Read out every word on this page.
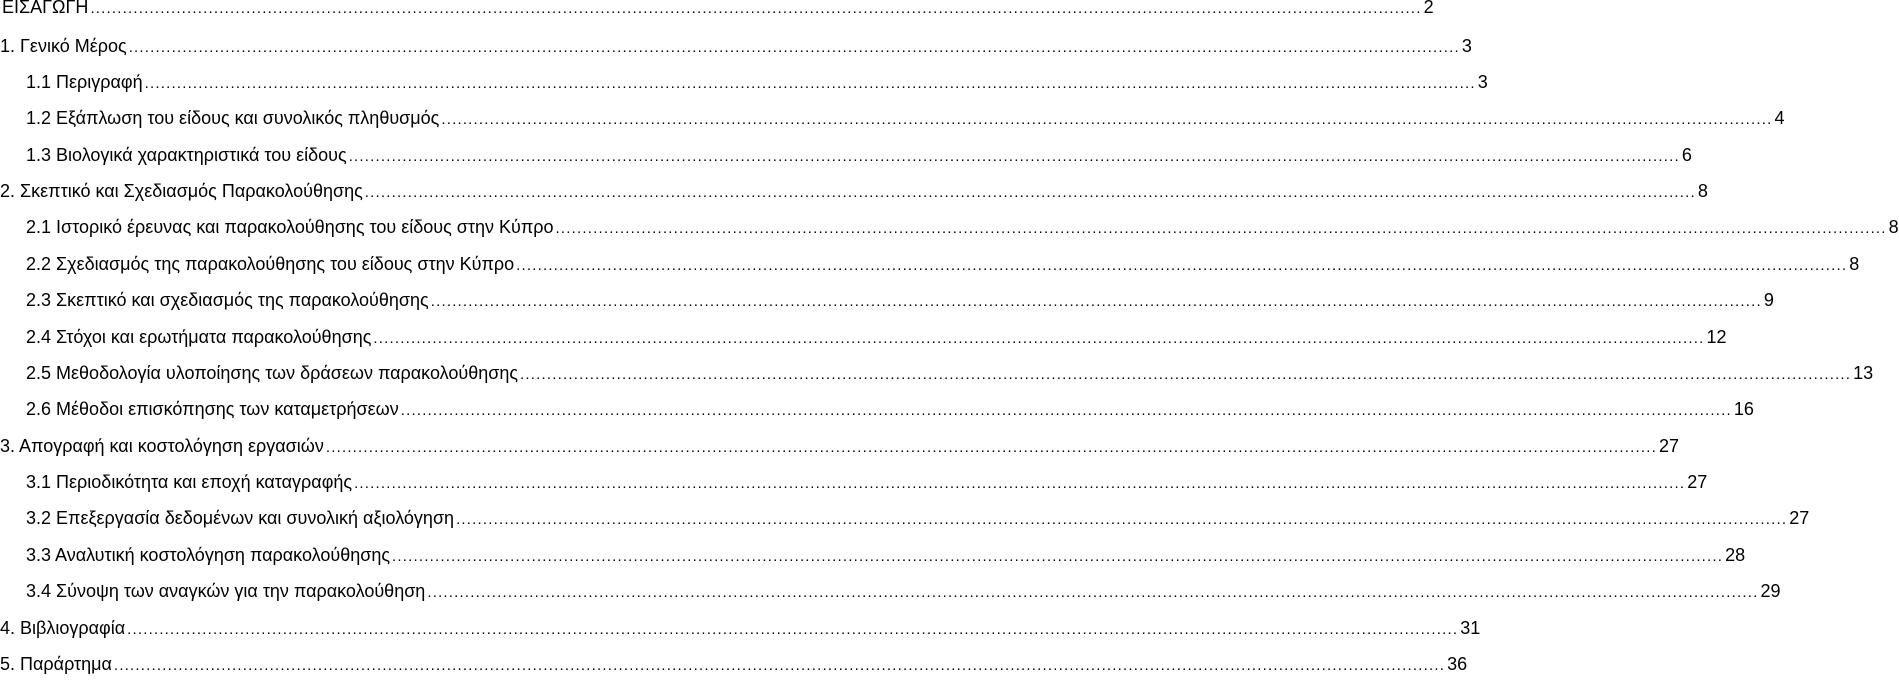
ΕΙΣΑΓΩΓΗ ........................................................................................................................................................................................................................................................ 2
1. Γενικό Μέρος ........................................................................................................................................................................................................................................................ 3
1.1 Περιγραφή ........................................................................................................................................................................................................................................................ 3
1.2 Εξάπλωση του είδους και συνολικός πληθυσμός ........................................................................................................................................................................................................................................................ 4
1.3 Βιολογικά χαρακτηριστικά του είδους ........................................................................................................................................................................................................................................................ 6
2. Σκεπτικό και Σχεδιασμός Παρακολούθησης ........................................................................................................................................................................................................................................................ 8
2.1 Ιστορικό έρευνας και παρακολούθησης του είδους στην Κύπρο ........................................................................................................................................................................................................................................................ 8
2.2 Σχεδιασμός της παρακολούθησης του είδους στην Κύπρο ........................................................................................................................................................................................................................................................ 8
2.3 Σκεπτικό και σχεδιασμός της παρακολούθησης ........................................................................................................................................................................................................................................................ 9
2.4 Στόχοι και ερωτήματα παρακολούθησης ........................................................................................................................................................................................................................................................ 12
2.5 Μεθοδολογία υλοποίησης των δράσεων παρακολούθησης ........................................................................................................................................................................................................................................................ 13
2.6 Μέθοδοι επισκόπησης των καταμετρήσεων ........................................................................................................................................................................................................................................................ 16
3. Απογραφή και κοστολόγηση εργασιών ........................................................................................................................................................................................................................................................ 27
3.1 Περιοδικότητα και εποχή καταγραφής ........................................................................................................................................................................................................................................................ 27
3.2 Επεξεργασία δεδομένων και συνολική αξιολόγηση ........................................................................................................................................................................................................................................................ 27
3.3 Αναλυτική κοστολόγηση παρακολούθησης ........................................................................................................................................................................................................................................................ 28
3.4 Σύνοψη των αναγκών για την παρακολούθηση ........................................................................................................................................................................................................................................................ 29
4. Βιβλιογραφία ........................................................................................................................................................................................................................................................ 31
5. Παράρτημα ........................................................................................................................................................................................................................................................ 36
